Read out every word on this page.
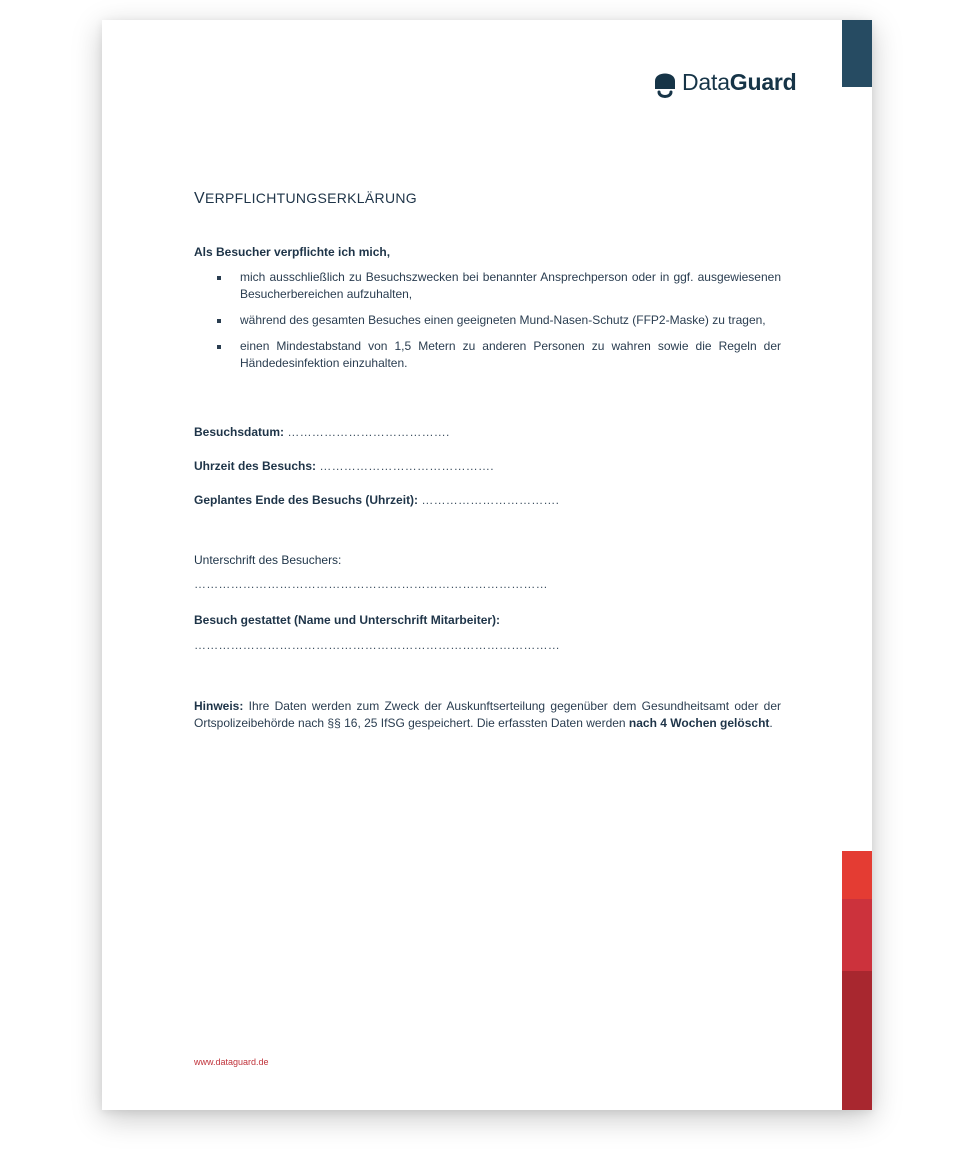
DataGuard
VERPFLICHTUNGSERKLÄRUNG
Als Besucher verpflichte ich mich,
mich ausschließlich zu Besuchszwecken bei benannter Ansprechperson oder in ggf. ausgewiesenen Besucherbereichen aufzuhalten,
während des gesamten Besuches einen geeigneten Mund-Nasen-Schutz (FFP2-Maske) zu tragen,
einen Mindestabstand von 1,5 Metern zu anderen Personen zu wahren sowie die Regeln der Händedesinfektion einzuhalten.
Besuchsdatum: ………………………………….
Uhrzeit des Besuchs: …………………………………….
Geplantes Ende des Besuchs (Uhrzeit): …………………………….
Unterschrift des Besuchers:
……………………………………………………………………………
Besuch gestattet (Name und Unterschrift Mitarbeiter):
………………………………………………………………………………
Hinweis: Ihre Daten werden zum Zweck der Auskunftserteilung gegenüber dem Gesundheitsamt oder der Ortspolizeibehörde nach §§ 16, 25 IfSG gespeichert. Die erfassten Daten werden nach 4 Wochen gelöscht.
www.dataguard.de
